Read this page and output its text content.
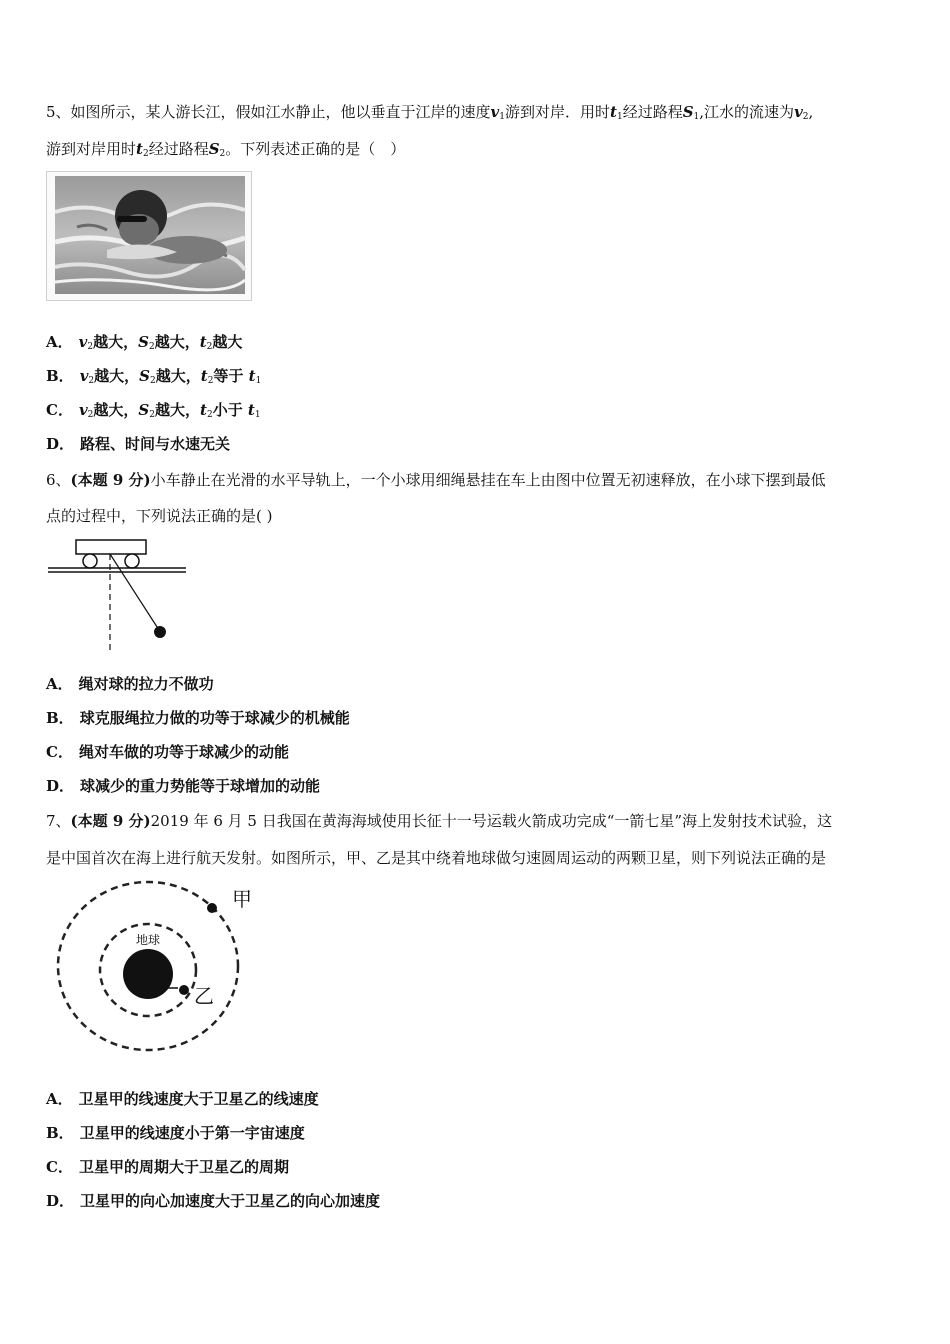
5、如图所示，某人游长江，假如江水静止，他以垂直于江岸的速度$v_1$游到对岸．用时$t_1$经过路程$S_1$,江水的流速为$v_2$,
游到对岸用时$t_2$经过路程$S_2$。下列表述正确的是（　）
A． $v_2$越大，$S_2$越大，$t_2$越大
B． $v_2$越大，$S_2$越大，$t_2$等于 $t_1$
C． $v_2$越大，$S_2$越大，$t_2$小于 $t_1$
D． 路程、时间与水速无关
6、(本题 9 分)小车静止在光滑的水平导轨上，一个小球用细绳悬挂在车上由图中位置无初速释放，在小球下摆到最低
点的过程中，下列说法正确的是( )
A． 绳对球的拉力不做功
B． 球克服绳拉力做的功等于球减少的机械能
C． 绳对车做的功等于球减少的动能
D． 球减少的重力势能等于球增加的动能
7、(本题 9 分)2019 年 6 月 5 日我国在黄海海域使用长征十一号运载火箭成功完成“一箭七星”海上发射技术试验，这
是中国首次在海上进行航天发射。如图所示，甲、乙是其中绕着地球做匀速圆周运动的两颗卫星，则下列说法正确的是
地球
甲
乙
A． 卫星甲的线速度大于卫星乙的线速度
B． 卫星甲的线速度小于第一宇宙速度
C． 卫星甲的周期大于卫星乙的周期
D． 卫星甲的向心加速度大于卫星乙的向心加速度
